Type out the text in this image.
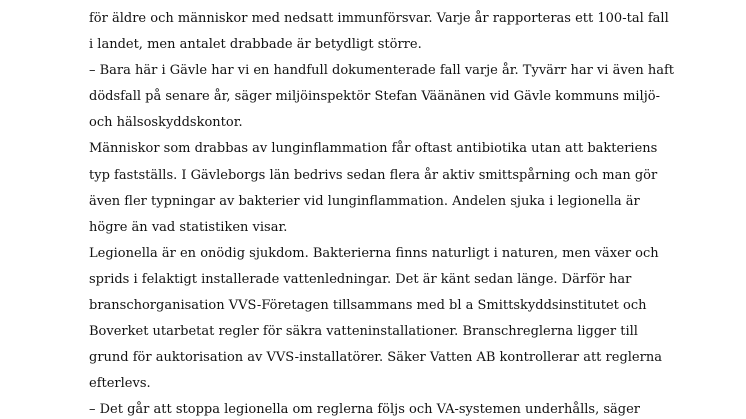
för äldre och människor med nedsatt immunförsvar. Varje år rapporteras ett 100-tal fall
i landet, men antalet drabbade är betydligt större.
– Bara här i Gävle har vi en handfull dokumenterade fall varje år. Tyvärr har vi även haft
dödsfall på senare år, säger miljöinspektör Stefan Väänänen vid Gävle kommuns miljö-
och hälsoskyddskontor.
Människor som drabbas av lunginflammation får oftast antibiotika utan att bakteriens
typ fastställs. I Gävleborgs län bedrivs sedan flera år aktiv smittspårning och man gör
även fler typningar av bakterier vid lunginflammation. Andelen sjuka i legionella är
högre än vad statistiken visar.
Legionella är en onödig sjukdom. Bakterierna finns naturligt i naturen, men växer och
sprids i felaktigt installerade vattenledningar. Det är känt sedan länge. Därför har
branschorganisation VVS-Företagen tillsammans med bl a Smittskyddsinstitutet och
Boverket utarbetat regler för säkra vatteninstallationer. Branschreglerna ligger till
grund för auktorisation av VVS-installatörer. Säker Vatten AB kontrollerar att reglerna
efterlevs.
– Det går att stoppa legionella om reglerna följs och VA-systemen underhålls, säger
